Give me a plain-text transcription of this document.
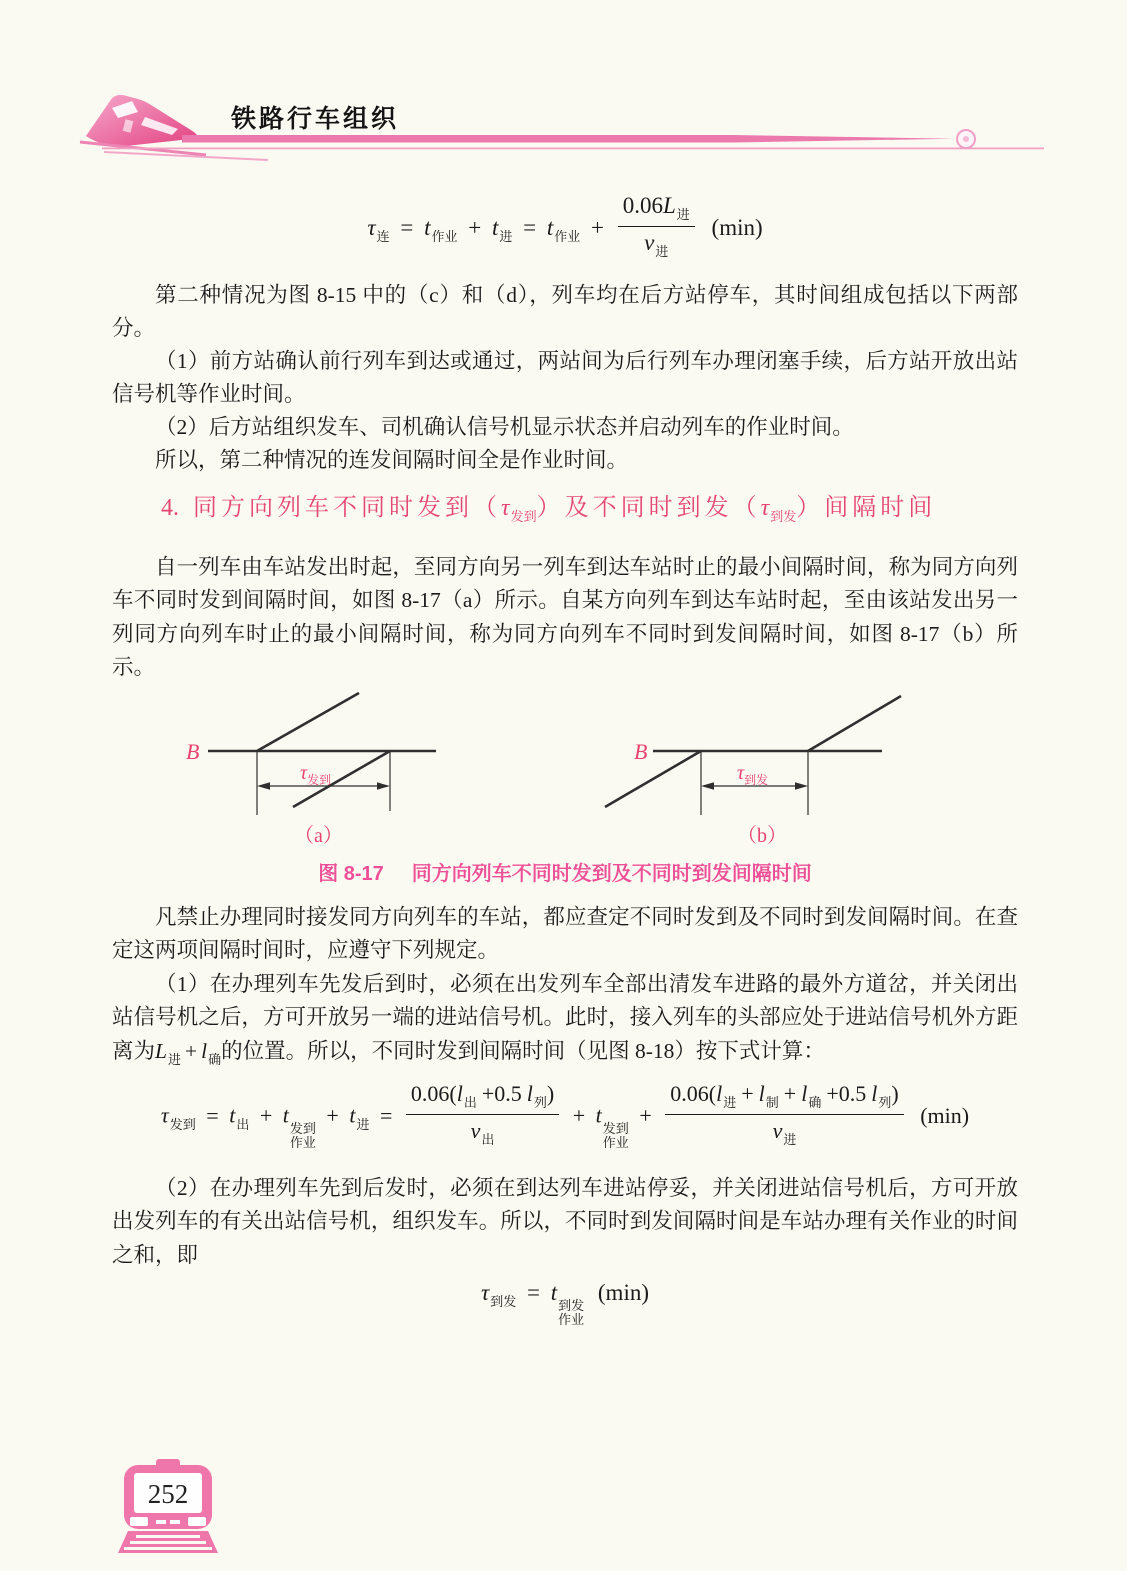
铁路行车组织
$\tau_连 = t_{作业} + t_进 = t_{作业} + \frac{0.06L_进}{v_进} (\min)$

第二种情况为图 8-15 中的（c）和（d），列车均在后方站停车，其时间组成包括以下两部分。

（1）前方站确认前行列车到达或通过，两站间为后行列车办理闭塞手续，后方站开放出站信号机等作业时间。

（2）后方站组织发车、司机确认信号机显示状态并启动列车的作业时间。

所以，第二种情况的连发间隔时间全是作业时间。

4. 同方向列车不同时发到$(\tau_{发到})$及不同时到发$(\tau_{到发})$间隔时间

自一列车由车站发出时起，至同方向另一列车到达车站时止的最小间隔时间，称为同方向列车不同时发到间隔时间，如图 8-17（a）所示。自某方向列车到达车站时起，至由该站发出另一列同方向列车时止的最小间隔时间，称为同方向列车不同时到发间隔时间，如图 8-17（b）所示。

B
$\tau_{发到}$
（a）
B
$\tau_{到发}$
（b）
图 8-17 同方向列车不同时发到及不同时到发间隔时间

凡禁止办理同时接发同方向列车的车站，都应查定不同时发到及不同时到发间隔时间。在查定这两项间隔时间时，应遵守下列规定。

（1）在办理列车先发后到时，必须在出发列车全部出清发车进路的最外方道岔，并关闭出站信号机之后，方可开放另一端的进站信号机。此时，接入列车的头部应处于进站信号机外方距离为$L_进 + l_确$的位置。所以，不同时发到间隔时间（见图 8-18）按下式计算：

$\tau_{发到} = t_出 + t$
发到
作业
+ $t_进 = \frac{0.06(l_出 +0.5 l_列)}{v_出} + t$
发到
作业
+ $\frac{0.06(l_进 + l_制 + l_确 +0.5 l_列)}{v_进} (\min)$

（2）在办理列车先到后发时，必须在到达列车进站停妥，并关闭进站信号机后，方可开放出发列车的有关出站信号机，组织发车。所以，不同时到发间隔时间是车站办理有关作业的时间之和，即

$\tau_{到发} = t$
到发
作业
(min)
252
